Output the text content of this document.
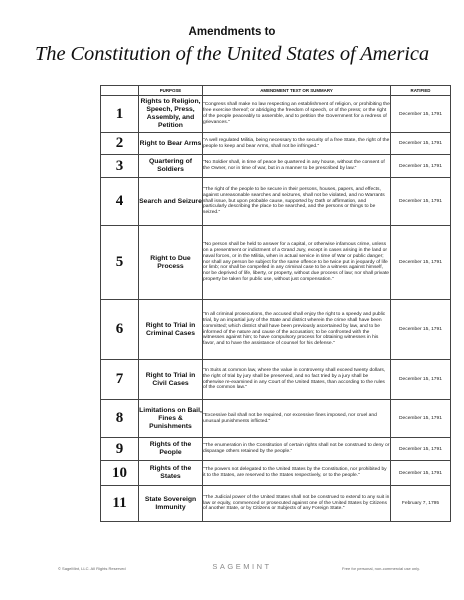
Amendments to
The Constitution of the United States of America
	PURPOSE	AMENDMENT TEXT OR SUMMARY	RATIFIED
1	Rights to Religion, Speech, Press, Assembly, and Petition	"Congress shall make no law respecting an establishment of religion, or prohibiting the free exercise thereof; or abridging the freedom of speech, or of the press; or the right of the people peaceably to assemble, and to petition the Government for a redress of grievances."	December 15, 1791
2	Right to Bear Arms	"A well regulated Militia, being necessary to the security of a free State, the right of the people to keep and bear Arms, shall not be infringed."	December 15, 1791
3	Quartering of Soldiers	"No Soldier shall, in time of peace be quartered in any house, without the consent of the Owner, nor in time of war, but in a manner to be prescribed by law."	December 15, 1791
4	Search and Seizure	"The right of the people to be secure in their persons, houses, papers, and effects, against unreasonable searches and seizures, shall not be violated, and no Warrants shall issue, but upon probable cause, supported by Oath or affirmation, and particularly describing the place to be searched, and the persons or things to be seized."	December 15, 1791
5	Right to Due Process	"No person shall be held to answer for a capital, or otherwise infamous crime, unless on a presentment or indictment of a Grand Jury, except in cases arising in the land or naval forces, or in the Militia, when in actual service in time of War or public danger; nor shall any person be subject for the same offence to be twice put in jeopardy of life or limb; nor shall be compelled in any criminal case to be a witness against himself, nor be deprived of life, liberty, or property, without due process of law; nor shall private property be taken for public use, without just compensation."	December 15, 1791
6	Right to Trial in Criminal Cases	"In all criminal prosecutions, the accused shall enjoy the right to a speedy and public trial, by an impartial jury of the State and district wherein the crime shall have been committed; which district shall have been previously ascertained by law, and to be informed of the nature and cause of the accusation; to be confronted with the witnesses against him; to have compulsory process for obtaining witnesses in his favor, and to have the assistance of counsel for his defense."	December 15, 1791
7	Right to Trial in Civil Cases	"In Suits at common law, where the value in controversy shall exceed twenty dollars, the right of trial by jury shall be preserved, and no fact tried by a jury shall be otherwise re-examined in any Court of the United States, than according to the rules of the common law."	December 15, 1791
8	Limitations on Bail, Fines & Punishments	"Excessive bail shall not be required, nor excessive fines imposed, nor cruel and unusual punishments inflicted."	December 15, 1791
9	Rights of the People	"The enumeration in the Constitution of certain rights shall not be construed to deny or disparage others retained by the people."	December 15, 1791
10	Rights of the States	"The powers not delegated to the United States by the Constitution, nor prohibited by it to the States, are reserved to the States respectively, or to the people."	December 15, 1791
11	State Sovereign Immunity	"The Judicial power of the United States shall not be construed to extend to any suit in law or equity, commenced or prosecuted against one of the United States by Citizens of another State, or by Citizens or Subjects of any Foreign State."	February 7, 1795
© SageMint, LLC. All Rights Reserved	SAGEMINT	Free for personal, non-commercial use only.
